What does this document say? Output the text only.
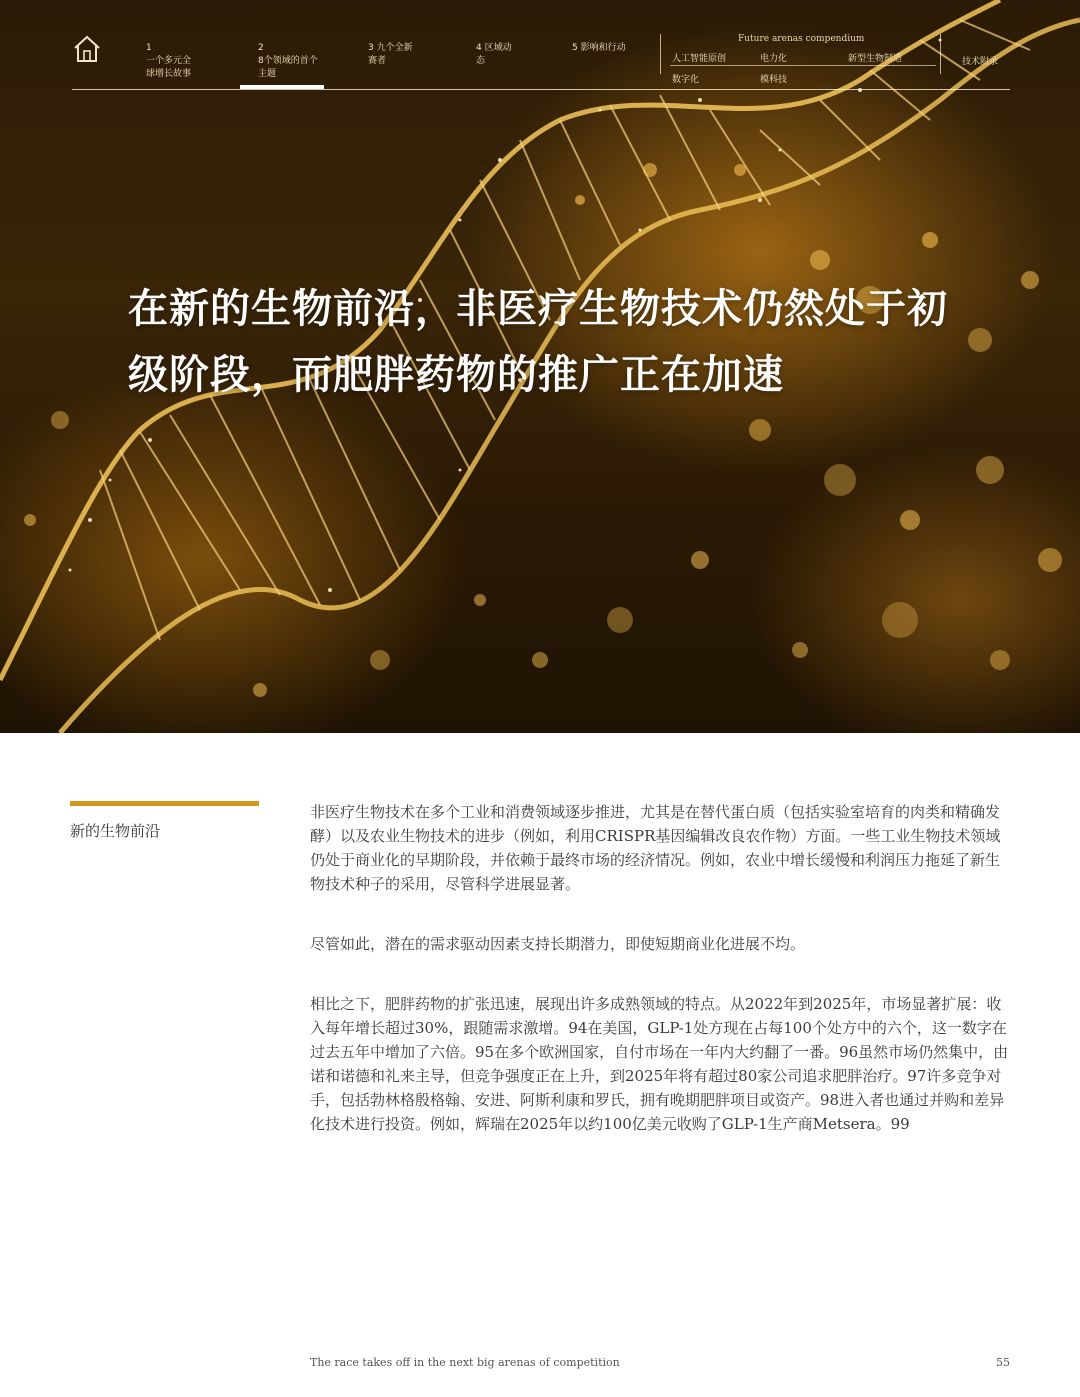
1
一个多元全球增长故事
2
8个领域的首个主题
3 九个全新赛者
4 区域动态
5 影响和行动
Future arenas compendium
人工智能原创	电力化	新型生物制造
数字化	模科技
技术附录
在新的生物前沿，非医疗生物技术仍然处于初级阶段，而肥胖药物的推广正在加速
新的生物前沿

非医疗生物技术在多个工业和消费领域逐步推进，尤其是在替代蛋白质（包括实验室培育的肉类和精确发酵）以及农业生物技术的进步（例如，利用CRISPR基因编辑改良农作物）方面。一些工业生物技术领域仍处于商业化的早期阶段，并依赖于最终市场的经济情况。例如，农业中增长缓慢和利润压力拖延了新生物技术种子的采用，尽管科学进展显著。

尽管如此，潜在的需求驱动因素支持长期潜力，即使短期商业化进展不均。

相比之下，肥胖药物的扩张迅速，展现出许多成熟领域的特点。从2022年到2025年，市场显著扩展：收入每年增长超过30%，跟随需求激增。94在美国，GLP-1处方现在占每100个处方中的六个，这一数字在过去五年中增加了六倍。95在多个欧洲国家，自付市场在一年内大约翻了一番。96虽然市场仍然集中，由诺和诺德和礼来主导，但竞争强度正在上升，到2025年将有超过80家公司追求肥胖治疗。97许多竞争对手，包括勃林格殷格翰、安进、阿斯利康和罗氏，拥有晚期肥胖项目或资产。98进入者也通过并购和差异化技术进行投资。例如，辉瑞在2025年以约100亿美元收购了GLP-1生产商Metsera。99

The race takes off in the next big arenas of competition	55
